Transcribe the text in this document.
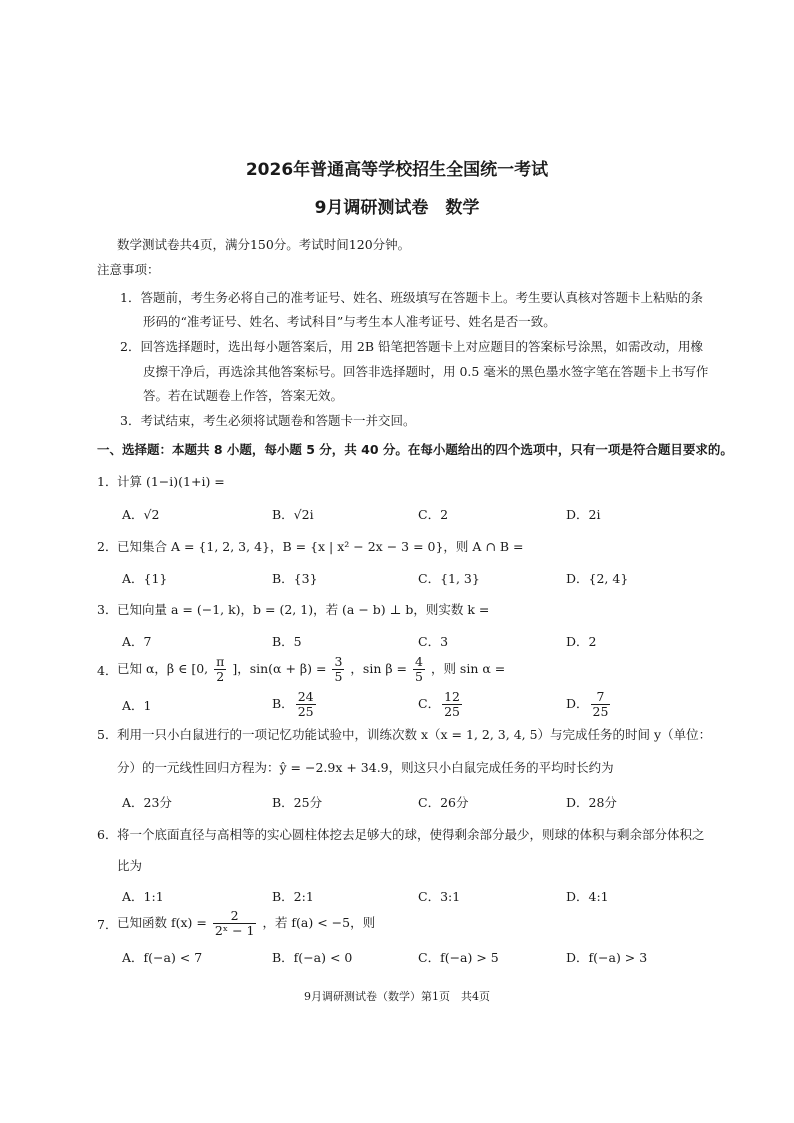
2026年普通高等学校招生全国统一考试
9月调研测试卷　数学
数学测试卷共4页，满分150分。考试时间120分钟。
注意事项：
1．答题前，考生务必将自己的准考证号、姓名、班级填写在答题卡上。考生要认真核对答题卡上粘贴的条
形码的“准考证号、姓名、考试科目”与考生本人准考证号、姓名是否一致。
2．回答选择题时，选出每小题答案后，用 2B 铅笔把答题卡上对应题目的答案标号涂黑，如需改动，用橡
皮擦干净后，再选涂其他答案标号。回答非选择题时，用 0.5 毫米的黑色墨水签字笔在答题卡上书写作
答。若在试题卷上作答，答案无效。
3．考试结束，考生必须将试题卷和答题卡一并交回。
一、选择题：本题共 8 小题，每小题 5 分，共 40 分。在每小题给出的四个选项中，只有一项是符合题目要求的。
1． 计算 (1−i)(1+i) =
A．√2	B．√2i	C．2	D．2i
2． 已知集合 A = {1, 2, 3, 4}，B = {x | x² − 2x − 3 = 0}，则 A ∩ B =
A．{1}	B．{3}	C．{1, 3}	D．{2, 4}
3． 已知向量 a = (−1, k)，b = (2, 1)，若 (a − b) ⊥ b，则实数 k =
A．7	B．5	C．3	D．2
4． 已知 α，β ∈ [0, $\frac{\pi}{2}$ ]，$\sin(\alpha + \beta) = \frac{3}{5}$ ，$\sin \beta = \frac{4}{5}$ ，则 sin α =
A．1	B． $\frac{24}{25}$	C． $\frac{12}{25}$	D． $\frac{7}{25}$
5． 利用一只小白鼠进行的一项记忆功能试验中，训练次数 x（x = 1, 2, 3, 4, 5）与完成任务的时间 y（单位：
分）的一元线性回归方程为：ŷ = −2.9x + 34.9，则这只小白鼠完成任务的平均时长约为
A．23分	B．25分	C．26分	D．28分
6． 将一个底面直径与高相等的实心圆柱体挖去足够大的球，使得剩余部分最少，则球的体积与剩余部分体积之
比为
A．1:1	B．2:1	C．3:1	D．4:1
7． 已知函数 $f(x) = \frac{2}{\text{2ˣ − 1}}$ ，若 f(a) < −5，则
A．f(−a) < 7	B．f(−a) < 0	C．f(−a) > 5	D．f(−a) > 3
9月调研测试卷（数学）第1页　共4页
